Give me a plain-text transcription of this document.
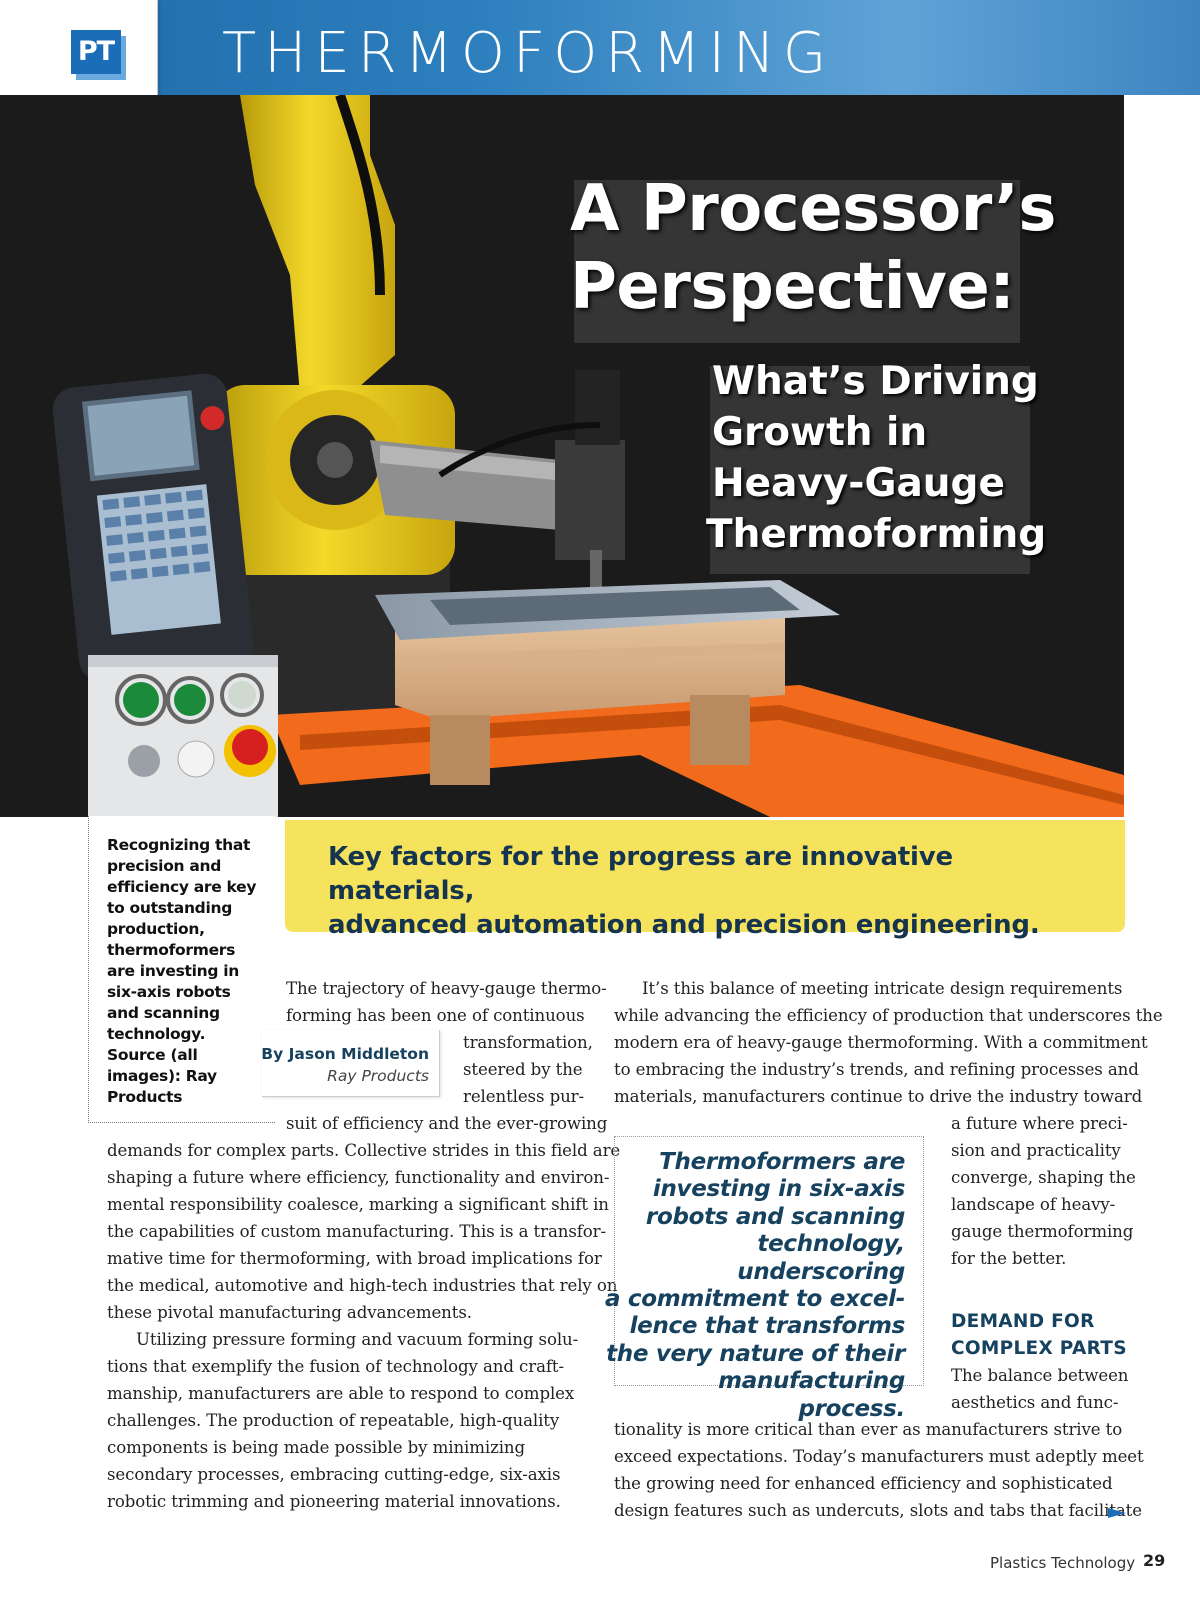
PT THERMOFORMING
A Processor’s
Perspective:
What’s Driving
Growth in
Heavy-Gauge
Thermoforming
Recognizing that precision and efficiency are key to outstanding production, thermoformers are investing in six-axis robots and scanning technology. Source (all images): Ray Products
Key factors for the progress are innovative materials,
advanced automation and precision engineering.
By Jason Middleton
Ray Products
The trajectory of heavy-gauge thermo-
forming has been one of continuous
transformation,
steered by the
relentless pur-
suit of efficiency and the ever-growing
demands for complex parts. Collective strides in this field are
shaping a future where efficiency, functionality and environ-
mental responsibility coalesce, marking a significant shift in
the capabilities of custom manufacturing. This is a transfor-
mative time for thermoforming, with broad implications for
the medical, automotive and high-tech industries that rely on
these pivotal manufacturing advancements.
Utilizing pressure forming and vacuum forming solu-
tions that exemplify the fusion of technology and craft-
manship, manufacturers are able to respond to complex
challenges. The production of repeatable, high-quality
components is being made possible by minimizing
secondary processes, embracing cutting-edge, six-axis
robotic trimming and pioneering material innovations.
It’s this balance of meeting intricate design requirements
while advancing the efficiency of production that underscores the
modern era of heavy-gauge thermoforming. With a commitment
to embracing the industry’s trends, and refining processes and
materials, manufacturers continue to drive the industry toward
a future where preci-
sion and practicality
converge, shaping the
landscape of heavy-
gauge thermoforming
for the better.
Thermoformers are
investing in six-axis
robots and scanning
technology, underscoring
a commitment to excel-
lence that transforms
the very nature of their
manufacturing process.
DEMAND FOR
COMPLEX PARTS
The balance between
aesthetics and func-
tionality is more critical than ever as manufacturers strive to
exceed expectations. Today’s manufacturers must adeptly meet
the growing need for enhanced efficiency and sophisticated
design features such as undercuts, slots and tabs that facilitate
Plastics Technology 29
